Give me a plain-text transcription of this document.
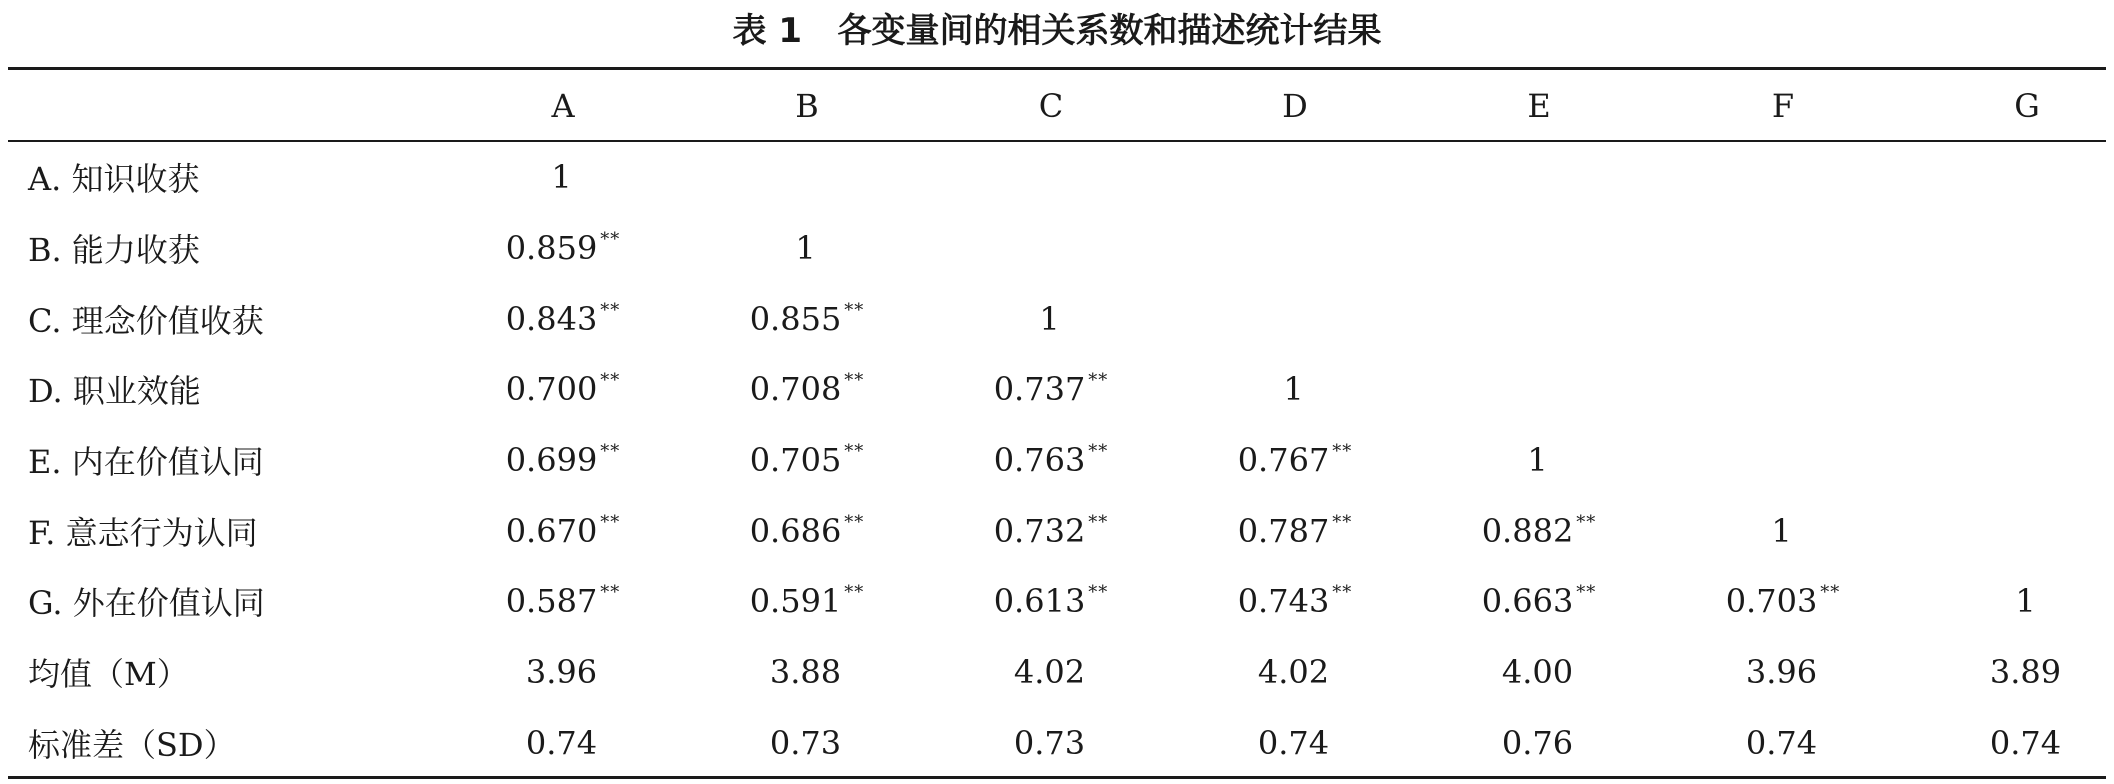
表 1   各变量间的相关系数和描述统计结果
	A	B	C	D	E	F	G
A. 知识收获	1						
B. 能力收获	0.859 **	1					
C. 理念价值收获	0.843 **	0.855 **	1				
D. 职业效能	0.700 **	0.708 **	0.737 **	1			
E. 内在价值认同	0.699 **	0.705 **	0.763 **	0.767 **	1		
F. 意志行为认同	0.670 **	0.686 **	0.732 **	0.787 **	0.882 **	1	
G. 外在价值认同	0.587 **	0.591 **	0.613 **	0.743 **	0.663 **	0.703 **	1
均值（M）	3.96	3.88	4.02	4.02	4.00	3.96	3.89
标准差（SD）	0.74	0.73	0.73	0.74	0.76	0.74	0.74
